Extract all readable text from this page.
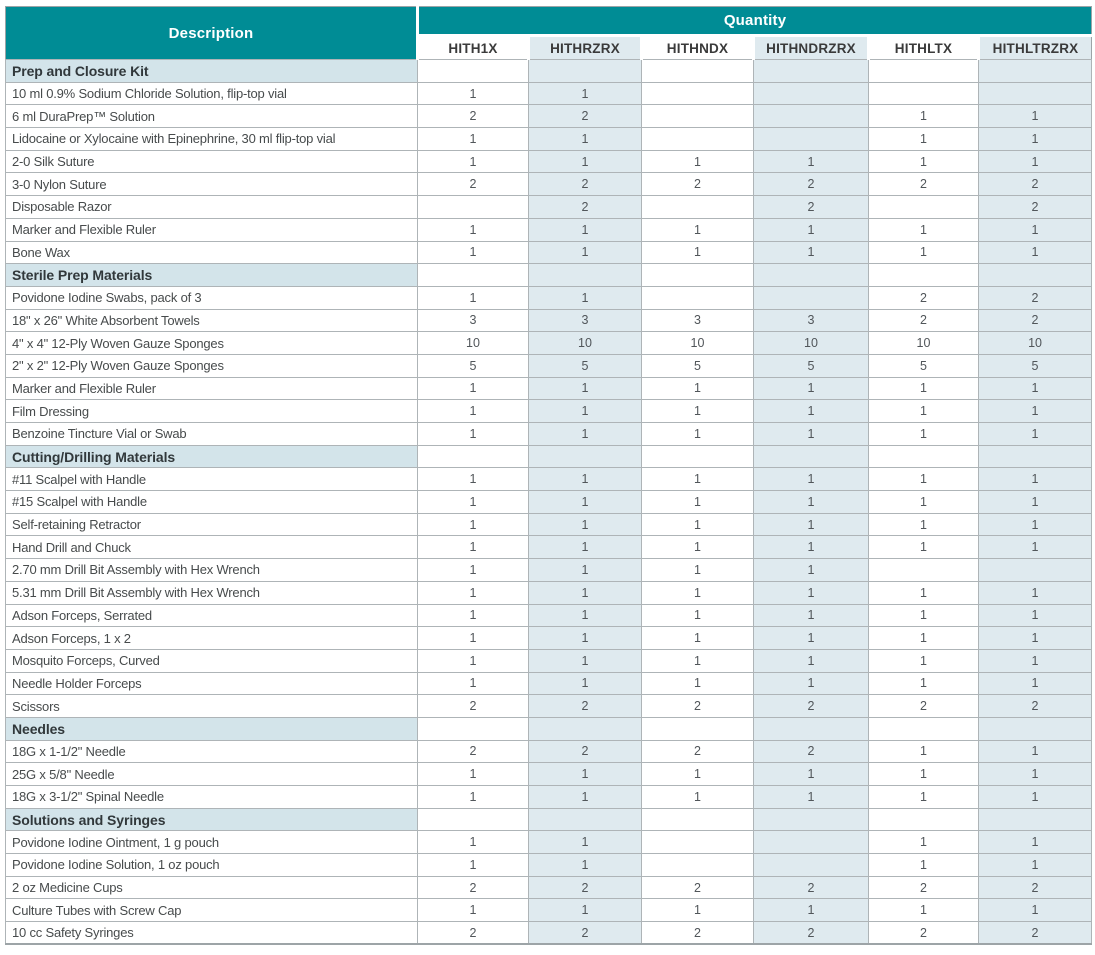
Description	Quantity					
	HITH1X	HITHRZRX	HITHNDX	HITHNDRZRX	HITHLTX	HITHLTRZRX
Prep and Closure Kit						
10 ml 0.9% Sodium Chloride Solution, flip-top vial	1	1				
6 ml DuraPrep™ Solution	2	2			1	1
Lidocaine or Xylocaine with Epinephrine, 30 ml flip-top vial	1	1			1	1
2-0 Silk Suture	1	1	1	1	1	1
3-0 Nylon Suture	2	2	2	2	2	2
Disposable Razor		2		2		2
Marker and Flexible Ruler	1	1	1	1	1	1
Bone Wax	1	1	1	1	1	1
Sterile Prep Materials						
Povidone Iodine Swabs, pack of 3	1	1			2	2
18" x 26" White Absorbent Towels	3	3	3	3	2	2
4" x 4" 12-Ply Woven Gauze Sponges	10	10	10	10	10	10
2" x 2" 12-Ply Woven Gauze Sponges	5	5	5	5	5	5
Marker and Flexible Ruler	1	1	1	1	1	1
Film Dressing	1	1	1	1	1	1
Benzoine Tincture Vial or Swab	1	1	1	1	1	1
Cutting/Drilling Materials						
#11 Scalpel with Handle	1	1	1	1	1	1
#15 Scalpel with Handle	1	1	1	1	1	1
Self-retaining Retractor	1	1	1	1	1	1
Hand Drill and Chuck	1	1	1	1	1	1
2.70 mm Drill Bit Assembly with Hex Wrench	1	1	1	1		
5.31 mm Drill Bit Assembly with Hex Wrench	1	1	1	1	1	1
Adson Forceps, Serrated	1	1	1	1	1	1
Adson Forceps, 1 x 2	1	1	1	1	1	1
Mosquito Forceps, Curved	1	1	1	1	1	1
Needle Holder Forceps	1	1	1	1	1	1
Scissors	2	2	2	2	2	2
Needles						
18G x 1-1/2" Needle	2	2	2	2	1	1
25G x 5/8" Needle	1	1	1	1	1	1
18G x 3-1/2" Spinal Needle	1	1	1	1	1	1
Solutions and Syringes						
Povidone Iodine Ointment, 1 g pouch	1	1			1	1
Povidone Iodine Solution, 1 oz pouch	1	1			1	1
2 oz Medicine Cups	2	2	2	2	2	2
Culture Tubes with Screw Cap	1	1	1	1	1	1
10 cc Safety Syringes	2	2	2	2	2	2
